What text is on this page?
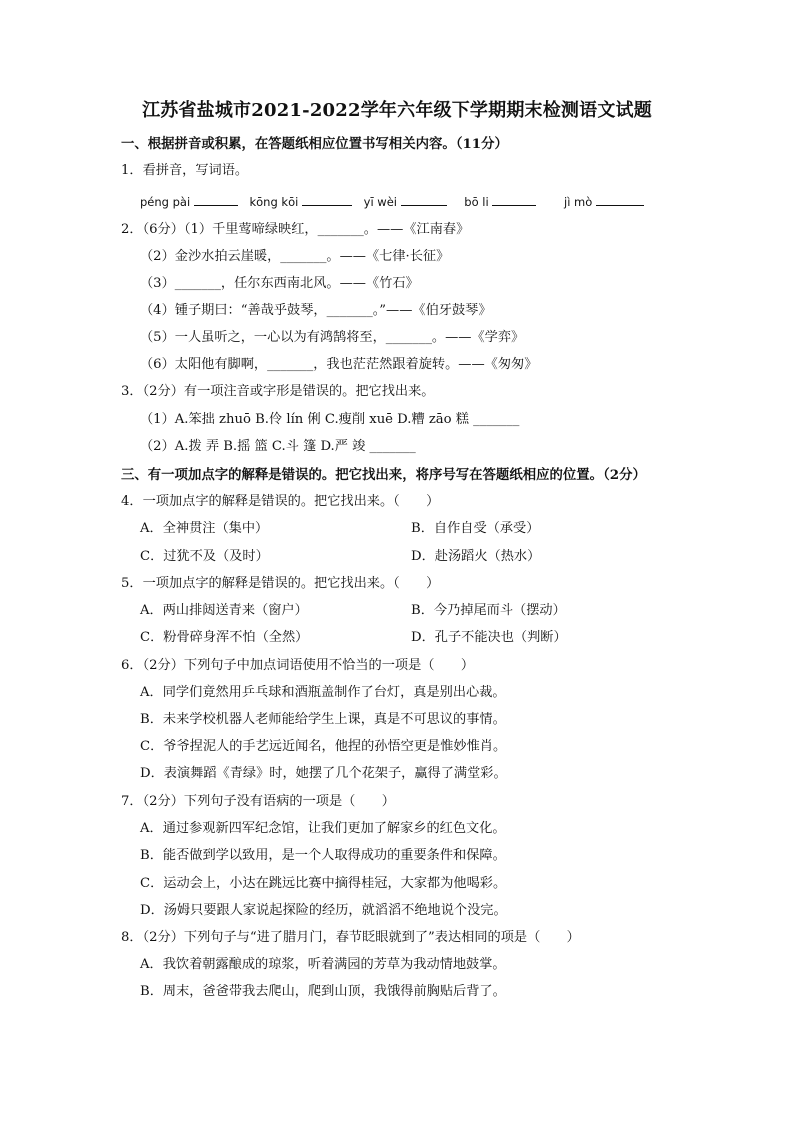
江苏省盐城市2021-2022学年六年级下学期期末检测语文试题
一、根据拼音或积累，在答题纸相应位置书写相关内容。（11分）
1．看拼音，写词语。
péng pài	kōng kōi	yī wèi	bō li	jì mò
2．（6分）（1）千里莺啼绿映红，_______。——《江南春》
（2）金沙水拍云崖暖，_______。——《七律·长征》
（3）_______，任尔东西南北风。——《竹石》
（4）锺子期曰：“善哉乎鼓琴，_______。”——《伯牙鼓琴》
（5）一人虽听之，一心以为有鸿鹄将至，_______。——《学弈》
（6）太阳他有脚啊，_______，我也茫茫然跟着旋转。——《匆匆》
3．（2分）有一项注音或字形是错误的。把它找出来。
（1）A.笨拙 zhuō B.伶 lín 俐 C.瘦削 xuē D.糟 zāo 糕 _______
（2）A.拨 弄 B.摇 篮 C.斗 篷 D.严 竣 _______
三、有一项加点字的解释是错误的。把它找出来，将序号写在答题纸相应的位置。（2分）
4．一项加点字的解释是错误的。把它找出来。（　　）
A．全神贯注（集中）	B．自作自受（承受）
C．过犹不及（及时）	D．赴汤蹈火（热水）
5．一项加点字的解释是错误的。把它找出来。（　　）
A．两山排闼送青来（窗户）	B．今乃掉尾而斗（摆动）
C．粉骨碎身浑不怕（全然）	D．孔子不能决也（判断）
6．（2分）下列句子中加点词语使用不恰当的一项是（　　）
A．同学们竟然用乒乓球和酒瓶盖制作了台灯，真是别出心裁。
B．未来学校机器人老师能给学生上课，真是不可思议的事情。
C．爷爷捏泥人的手艺远近闻名，他捏的孙悟空更是惟妙惟肖。
D．表演舞蹈《青绿》时，她摆了几个花架子，赢得了满堂彩。
7．（2分）下列句子没有语病的一项是（　　）
A．通过参观新四军纪念馆，让我们更加了解家乡的红色文化。
B．能否做到学以致用，是一个人取得成功的重要条件和保障。
C．运动会上，小达在跳远比赛中摘得桂冠，大家都为他喝彩。
D．汤姆只要跟人家说起探险的经历，就滔滔不绝地说个没完。
8．（2分）下列句子与“进了腊月门，春节眨眼就到了”表达相同的项是（　　）
A．我饮着朝露酿成的琼浆，听着满园的芳草为我动情地鼓掌。
B．周末，爸爸带我去爬山，爬到山顶，我饿得前胸贴后背了。
